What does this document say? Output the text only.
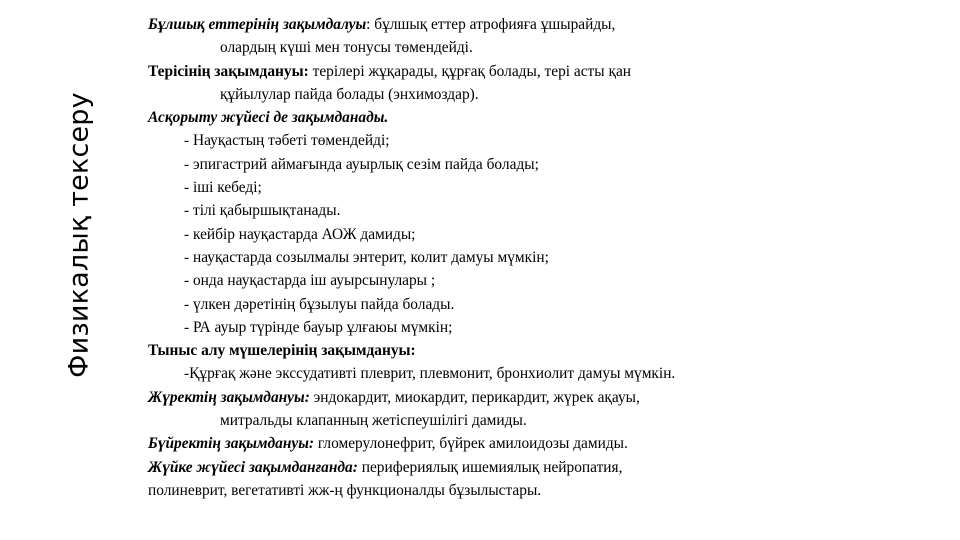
Физикалық тексеру
Бұлшық еттерінің зақымдалуы: бұлшық еттер атрофияға ұшырайды,
олардың күші мен тонусы төмендейді.
Терісінің зақымдануы: терілері жұқарады, құрғақ болады, тері асты қан
құйылулар пайда болады (энхимоздар).
Асқорыту жүйесі де зақымданады.
- Науқастың тәбеті төмендейді;
- эпигастрий аймағында ауырлық сезім пайда болады;
- іші кебеді;
- тілі қабыршықтанады.
- кейбір науқастарда АОЖ дамиды;
- науқастарда созылмалы энтерит, колит дамуы мүмкін;
- онда науқастарда іш ауырсынулары ;
- үлкен дәретінің бұзылуы пайда болады.
- РА ауыр түрінде бауыр ұлғаюы мүмкін;
Тыныс алу мүшелерінің зақымдануы:
-Құрғақ және экссудативті плеврит, плевмонит, бронхиолит дамуы мүмкін.
Жүректің зақымдануы: эндокардит, миокардит, перикардит, жүрек ақауы,
митральды клапанның жетіспеушілігі дамиды.
Бүйректің зақымдануы: гломерулонефрит, бүйрек амилоидозы дамиды.
Жүйке жүйесі зақымданғанда: перифериялық ишемиялық нейропатия,
полиневрит, вегетативті жж-ң функционалды бұзылыстары.
